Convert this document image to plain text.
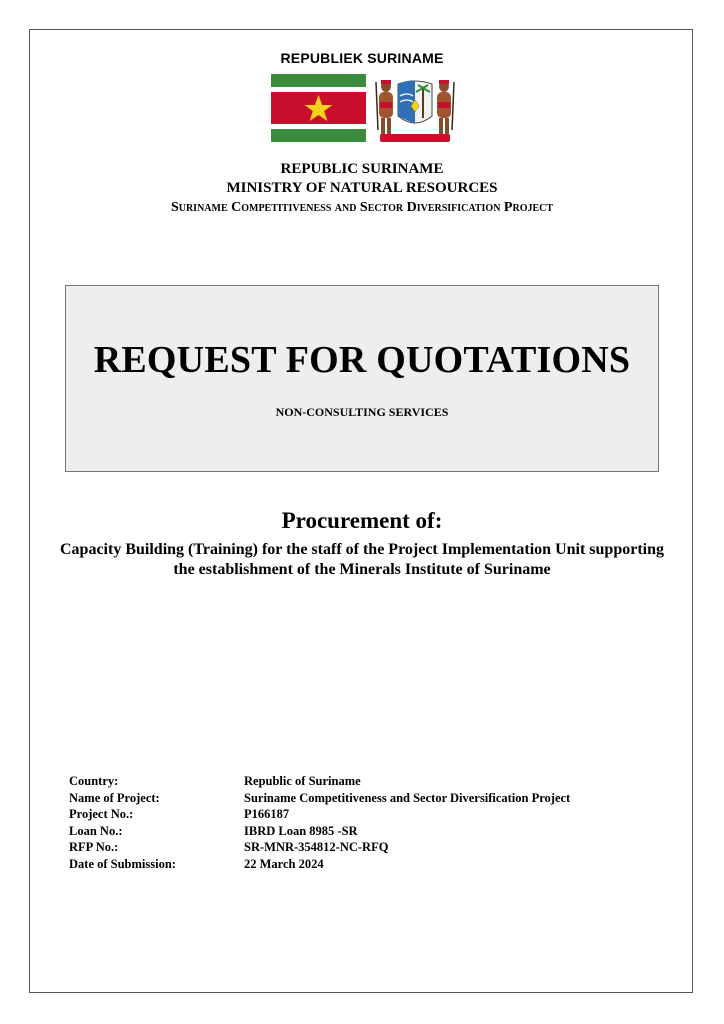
REPUBLIEK SURINAME
REPUBLIC SURINAME
MINISTRY OF NATURAL RESOURCES
Suriname Competitiveness and Sector Diversification Project
REQUEST FOR QUOTATIONS
NON-CONSULTING SERVICES
Procurement of:
Capacity Building (Training) for the staff of the Project Implementation Unit supporting the establishment of the Minerals Institute of Suriname
Country:	Republic of Suriname
Name of Project:	Suriname Competitiveness and Sector Diversification Project
Project No.:	P166187
Loan No.:	IBRD Loan 8985 -SR
RFP No.:	SR-MNR-354812-NC-RFQ
Date of Submission:	22 March 2024
